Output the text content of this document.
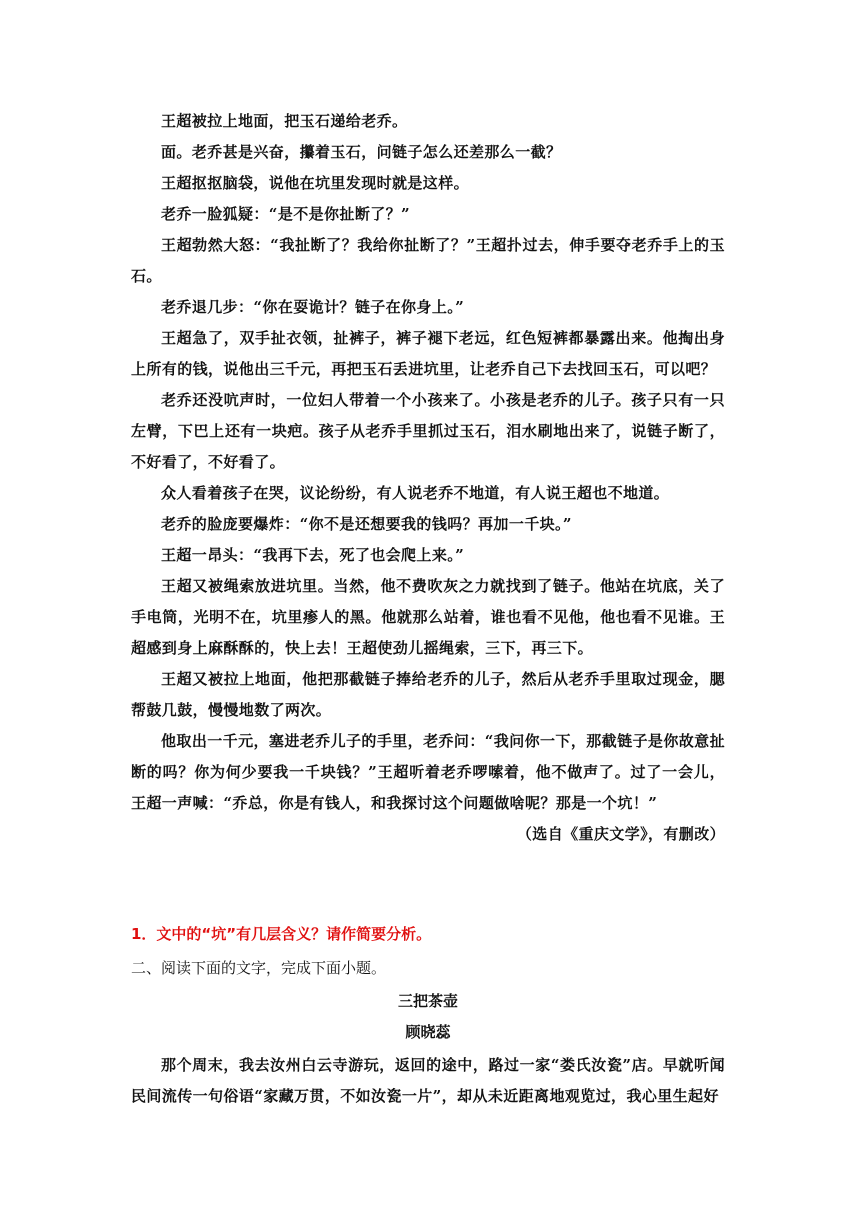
王超被拉上地面，把玉石递给老乔。

面。老乔甚是兴奋，攥着玉石，问链子怎么还差那么一截？

王超抠抠脑袋，说他在坑里发现时就是这样。

老乔一脸狐疑：“是不是你扯断了？”

王超勃然大怒：“我扯断了？我给你扯断了？”王超扑过去，伸手要夺老乔手上的玉石。

老乔退几步：“你在耍诡计？链子在你身上。”

王超急了，双手扯衣领，扯裤子，裤子褪下老远，红色短裤都暴露出来。他掏出身上所有的钱，说他出三千元，再把玉石丢进坑里，让老乔自己下去找回玉石，可以吧？

老乔还没吭声时，一位妇人带着一个小孩来了。小孩是老乔的儿子。孩子只有一只左臂，下巴上还有一块疤。孩子从老乔手里抓过玉石，泪水刷地出来了，说链子断了，不好看了，不好看了。

众人看着孩子在哭，议论纷纷，有人说老乔不地道，有人说王超也不地道。

老乔的脸庞要爆炸：“你不是还想要我的钱吗？再加一千块。”

王超一昂头：“我再下去，死了也会爬上来。”

王超又被绳索放进坑里。当然，他不费吹灰之力就找到了链子。他站在坑底，关了手电筒，光明不在，坑里瘆人的黑。他就那么站着，谁也看不见他，他也看不见谁。王超感到身上麻酥酥的，快上去！王超使劲儿摇绳索，三下，再三下。

王超又被拉上地面，他把那截链子捧给老乔的儿子，然后从老乔手里取过现金，腮帮鼓几鼓，慢慢地数了两次。

他取出一千元，塞进老乔儿子的手里，老乔问：“我问你一下，那截链子是你故意扯断的吗？你为何少要我一千块钱？”王超听着老乔啰嗦着，他不做声了。过了一会儿，王超一声喊：“乔总，你是有钱人，和我探讨这个问题做啥呢？那是一个坑！”

（选自《重庆文学》，有删改）

1．文中的“坑”有几层含义？请作简要分析。
二、阅读下面的文字，完成下面小题。
三把茶壶
顾晓蕊

那个周末，我去汝州白云寺游玩，返回的途中，路过一家“娄氏汝瓷”店。早就听闻民间流传一句俗语“家藏万贯，不如汝瓷一片”，却从未近距离地观览过，我心里生起好
